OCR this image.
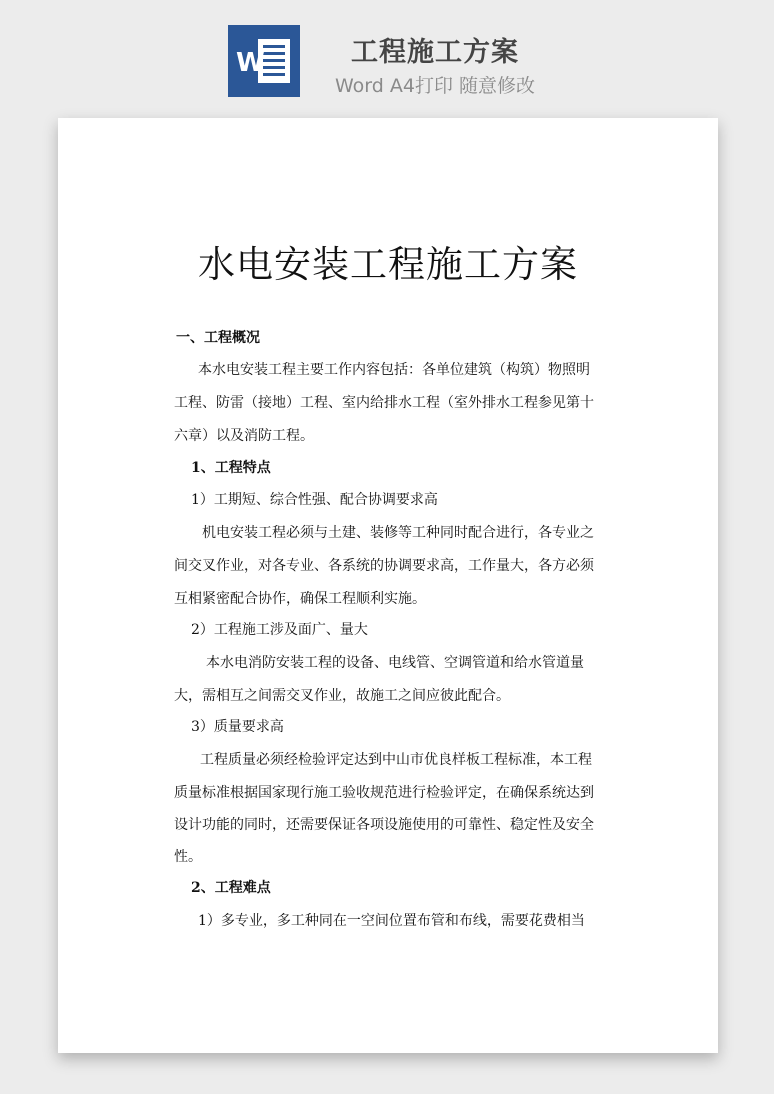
W	工程施工方案
Word A4打印 随意修改
​
水电安装工程施工方案
一、工程概况
本水电安装工程主要工作内容包括：各单位建筑（构筑）物照明
工程、防雷（接地）工程、室内给排水工程（室外排水工程参见第十
六章）以及消防工程。
1、工程特点
1）工期短、综合性强、配合协调要求高
机电安装工程必须与土建、装修等工种同时配合进行，各专业之
间交叉作业，对各专业、各系统的协调要求高，工作量大，各方必须
互相紧密配合协作，确保工程顺利实施。
2）工程施工涉及面广、量大
本水电消防安装工程的设备、电线管、空调管道和给水管道量
大，需相互之间需交叉作业，故施工之间应彼此配合。
3）质量要求高
工程质量必须经检验评定达到中山市优良样板工程标准，本工程
质量标准根据国家现行施工验收规范进行检验评定，在确保系统达到
设计功能的同时，还需要保证各项设施使用的可靠性、稳定性及安全
性。
2、工程难点
1）多专业，多工种同在一空间位置布管和布线，需要花费相当
